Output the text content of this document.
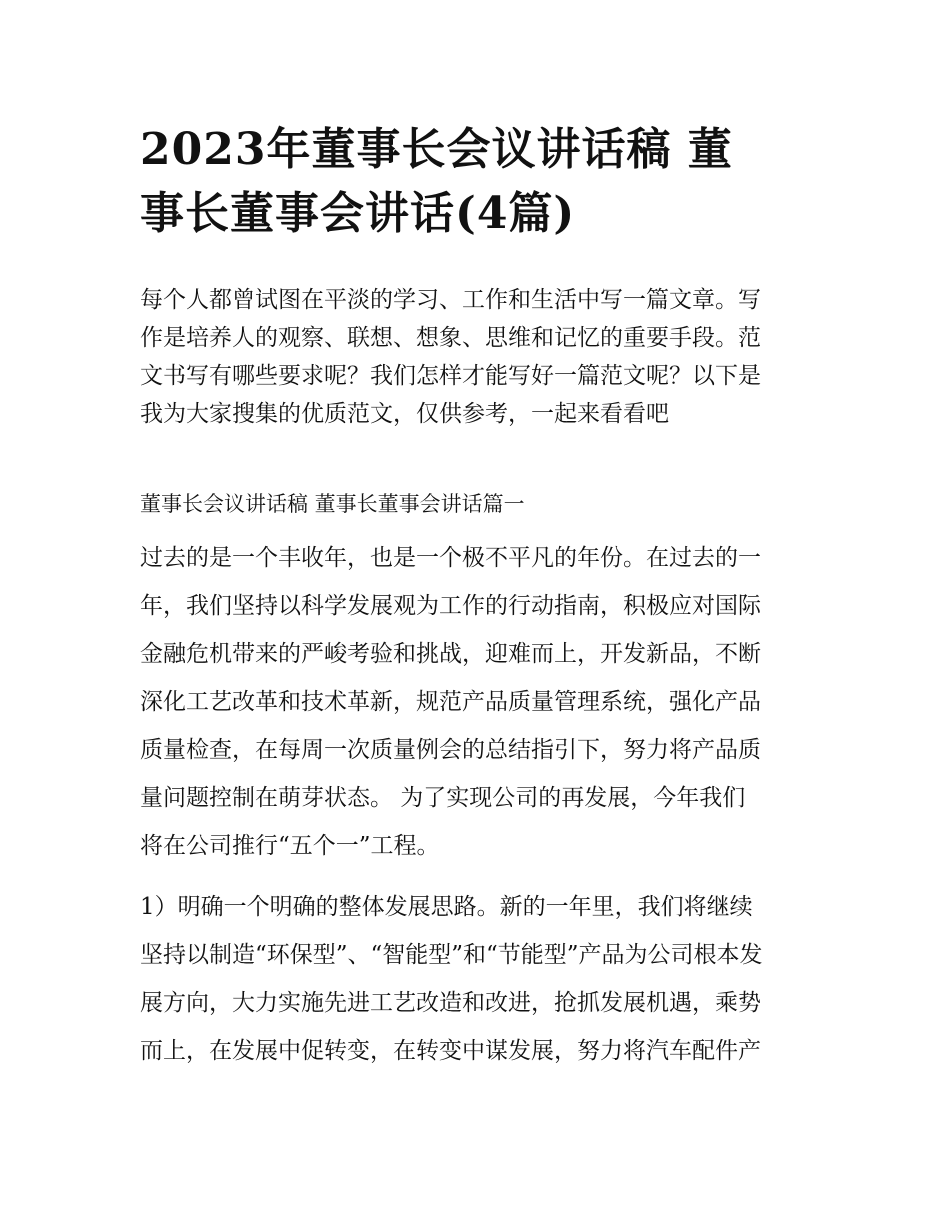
2023年董事长会议讲话稿 董
事长董事会讲话(4篇)
每个人都曾试图在平淡的学习、工作和生活中写一篇文章。写
作是培养人的观察、联想、想象、思维和记忆的重要手段。范
文书写有哪些要求呢？我们怎样才能写好一篇范文呢？以下是
我为大家搜集的优质范文，仅供参考，一起来看看吧
董事长会议讲话稿 董事长董事会讲话篇一
过去的是一个丰收年，也是一个极不平凡的年份。在过去的一
年，我们坚持以科学发展观为工作的行动指南，积极应对国际
金融危机带来的严峻考验和挑战，迎难而上，开发新品，不断
深化工艺改革和技术革新，规范产品质量管理系统，强化产品
质量检查，在每周一次质量例会的总结指引下，努力将产品质
量问题控制在萌芽状态。 为了实现公司的再发展，今年我们
将在公司推行“五个一”工程。
1）明确一个明确的整体发展思路。新的一年里，我们将继续
坚持以制造“环保型”、“智能型”和“节能型”产品为公司根本发
展方向，大力实施先进工艺改造和改进，抢抓发展机遇，乘势
而上，在发展中促转变，在转变中谋发展，努力将汽车配件产
